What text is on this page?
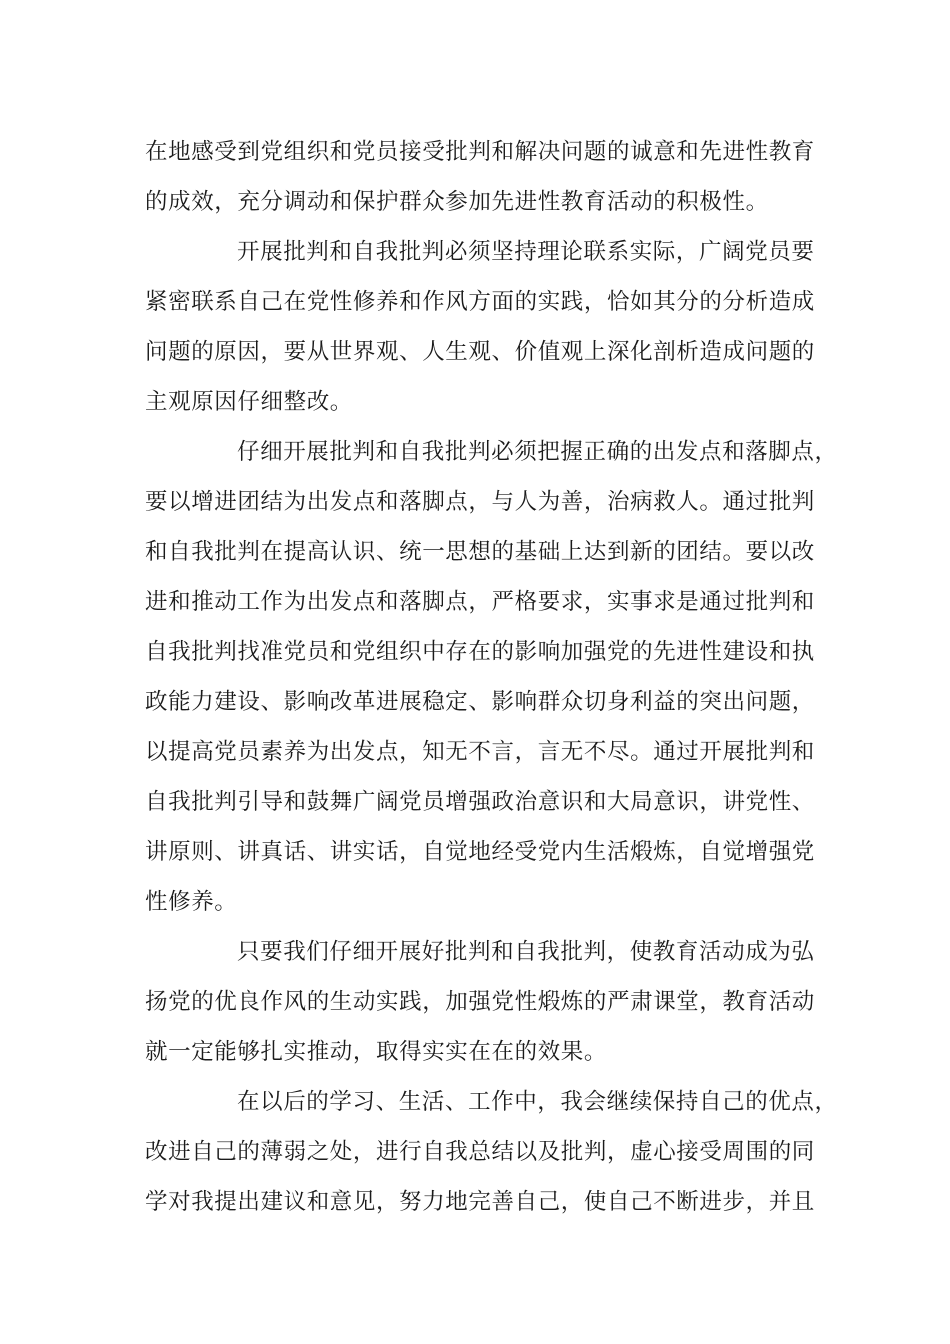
在地感受到党组织和党员接受批判和解决问题的诚意和先进性教育

的成效，充分调动和保护群众参加先进性教育活动的积极性。

开展批判和自我批判必须坚持理论联系实际，广阔党员要

紧密联系自己在党性修养和作风方面的实践，恰如其分的分析造成

问题的原因，要从世界观、人生观、价值观上深化剖析造成问题的

主观原因仔细整改。

仔细开展批判和自我批判必须把握正确的出发点和落脚点，

要以增进团结为出发点和落脚点，与人为善，治病救人。通过批判

和自我批判在提高认识、统一思想的基础上达到新的团结。要以改

进和推动工作为出发点和落脚点，严格要求，实事求是通过批判和

自我批判找准党员和党组织中存在的影响加强党的先进性建设和执

政能力建设、影响改革进展稳定、影响群众切身利益的突出问题，

以提高党员素养为出发点，知无不言，言无不尽。通过开展批判和

自我批判引导和鼓舞广阔党员增强政治意识和大局意识，讲党性、

讲原则、讲真话、讲实话，自觉地经受党内生活煅炼，自觉增强党

性修养。

只要我们仔细开展好批判和自我批判，使教育活动成为弘

扬党的优良作风的生动实践，加强党性煅炼的严肃课堂，教育活动

就一定能够扎实推动，取得实实在在的效果。

在以后的学习、生活、工作中，我会继续保持自己的优点，

改进自己的薄弱之处，进行自我总结以及批判，虚心接受周围的同

学对我提出建议和意见，努力地完善自己，使自己不断进步，并且
